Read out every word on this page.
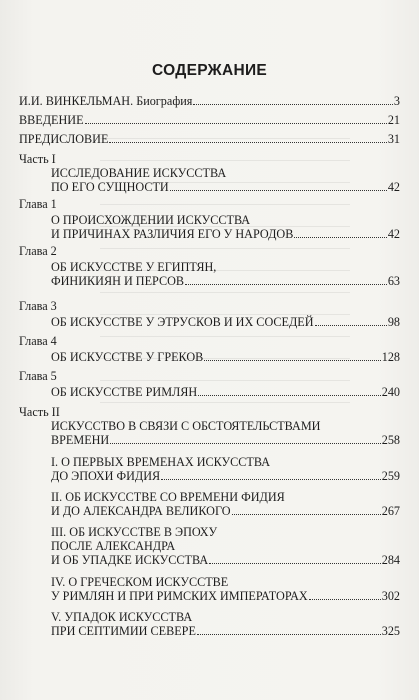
СОДЕРЖАНИЕ
И.И. ВИНКЕЛЬМАН. Биография	3
ВВЕДЕНИЕ	21
ПРЕДИСЛОВИЕ	31
Часть I
ИССЛЕДОВАНИЕ ИСКУССТВА
ПО ЕГО СУЩНОСТИ	42
Глава 1
О ПРОИСХОЖДЕНИИ ИСКУССТВА
И ПРИЧИНАХ РАЗЛИЧИЯ ЕГО У НАРОДОВ	42
Глава 2
ОБ ИСКУССТВЕ У ЕГИПТЯН,
ФИНИКИЯН И ПЕРСОВ	63
Глава 3
ОБ ИСКУССТВЕ У ЭТРУСКОВ И ИХ СОСЕДЕЙ	98
Глава 4
ОБ ИСКУССТВЕ У ГРЕКОВ	128
Глава 5
ОБ ИСКУССТВЕ РИМЛЯН	240
Часть II
ИСКУССТВО В СВЯЗИ С ОБСТОЯТЕЛЬСТВАМИ
ВРЕМЕНИ	258
I. О ПЕРВЫХ ВРЕМЕНАХ ИСКУССТВА
ДО ЭПОХИ ФИДИЯ	259
II. ОБ ИСКУССТВЕ СО ВРЕМЕНИ ФИДИЯ
И ДО АЛЕКСАНДРА ВЕЛИКОГО	267
III. ОБ ИСКУССТВЕ В ЭПОХУ
ПОСЛЕ АЛЕКСАНДРА
И ОБ УПАДКЕ ИСКУССТВА	284
IV. О ГРЕЧЕСКОМ ИСКУССТВЕ
У РИМЛЯН И ПРИ РИМСКИХ ИМПЕРАТОРАХ	302
V. УПАДОК ИСКУССТВА
ПРИ СЕПТИМИИ СЕВЕРЕ	325
